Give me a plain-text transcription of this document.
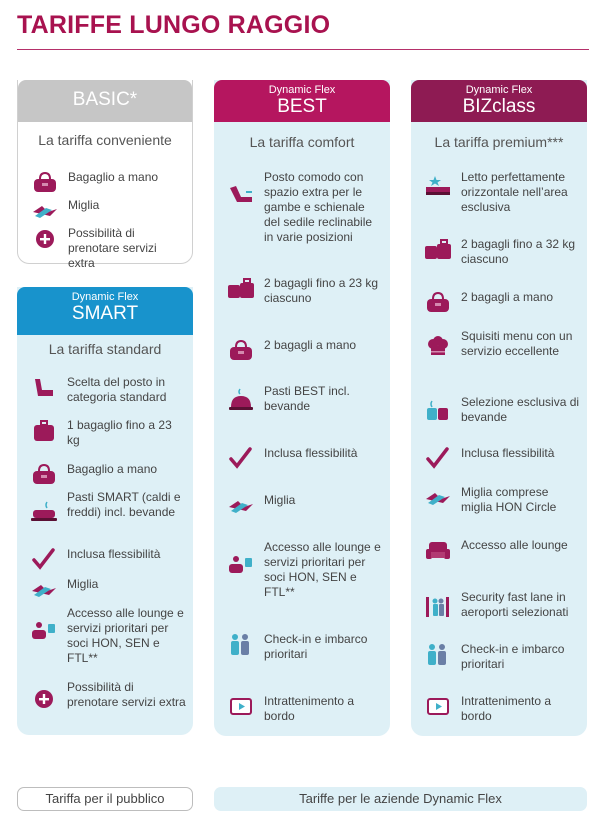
TARIFFE LUNGO RAGGIO
BASIC*
La tariffa conveniente
Bagaglio a mano
Miglia
Possibilità di prenotare servizi extra
Dynamic Flex
SMART
La tariffa standard
Scelta del posto in categoria standard
1 bagaglio fino a 23 kg
Bagaglio a mano
Pasti SMART (caldi e freddi) incl. bevande
Inclusa flessibilità
Miglia
Accesso alle lounge e servizi prioritari per soci HON, SEN e FTL**
Possibilità di prenotare servizi extra
Dynamic Flex
BEST
La tariffa comfort
Posto comodo con spazio extra per le gambe e schienale del sedile reclinabile in varie posizioni
2 bagagli fino a 23 kg ciascuno
2 bagagli a mano
Pasti BEST incl. bevande
Inclusa flessibilità
Miglia
Accesso alle lounge e servizi prioritari per soci HON, SEN e FTL**
Check-in e imbarco prioritari
Intrattenimento a bordo
Dynamic Flex
BIZclass
La tariffa premium***
Letto perfettamente orizzontale nell’area esclusiva
2 bagagli fino a 32 kg ciascuno
2 bagagli a mano
Squisiti menu con un servizio eccellente
Selezione esclusiva di bevande
Inclusa flessibilità
Miglia comprese miglia HON Circle
Accesso alle lounge
Security fast lane in aeroporti selezionati
Check-in e imbarco prioritari
Intrattenimento a bordo
Tariffa per il pubblico	Tariffe per le aziende Dynamic Flex
